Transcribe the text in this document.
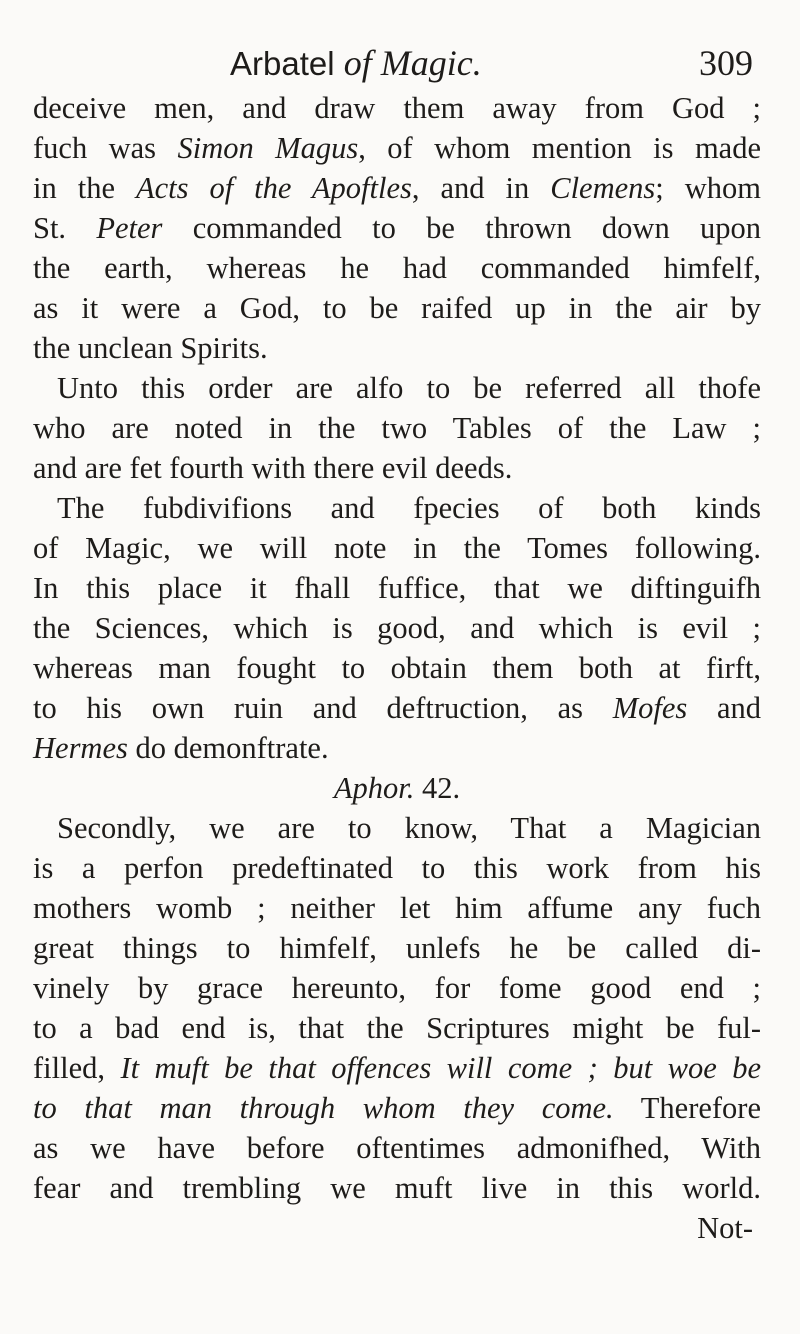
Arbatel of Magic.	309
deceive men, and draw them away from God ;
fuch was Simon Magus, of whom mention is made
in the Acts of the Apoftles, and in Clemens; whom
St. Peter commanded to be thrown down upon
the earth, whereas he had commanded himfelf,
as it were a God, to be raifed up in the air by
the unclean Spirits.
Unto this order are alfo to be referred all thofe
who are noted in the two Tables of the Law ;
and are fet fourth with there evil deeds.
The fubdivifions and fpecies of both kinds
of Magic, we will note in the Tomes following.
In this place it fhall fuffice, that we diftinguifh
the Sciences, which is good, and which is evil ;
whereas man fought to obtain them both at firft,
to his own ruin and deftruction, as Mofes and
Hermes do demonftrate.
Aphor. 42.
Secondly, we are to know, That a Magician
is a perfon predeftinated to this work from his
mothers womb ; neither let him affume any fuch
great things to himfelf, unlefs he be called di-
vinely by grace hereunto, for fome good end ;
to a bad end is, that the Scriptures might be ful-
filled, It muft be that offences will come ; but woe be
to that man through whom they come. Therefore
as we have before oftentimes admonifhed, With
fear and trembling we muft live in this world.
Not-
